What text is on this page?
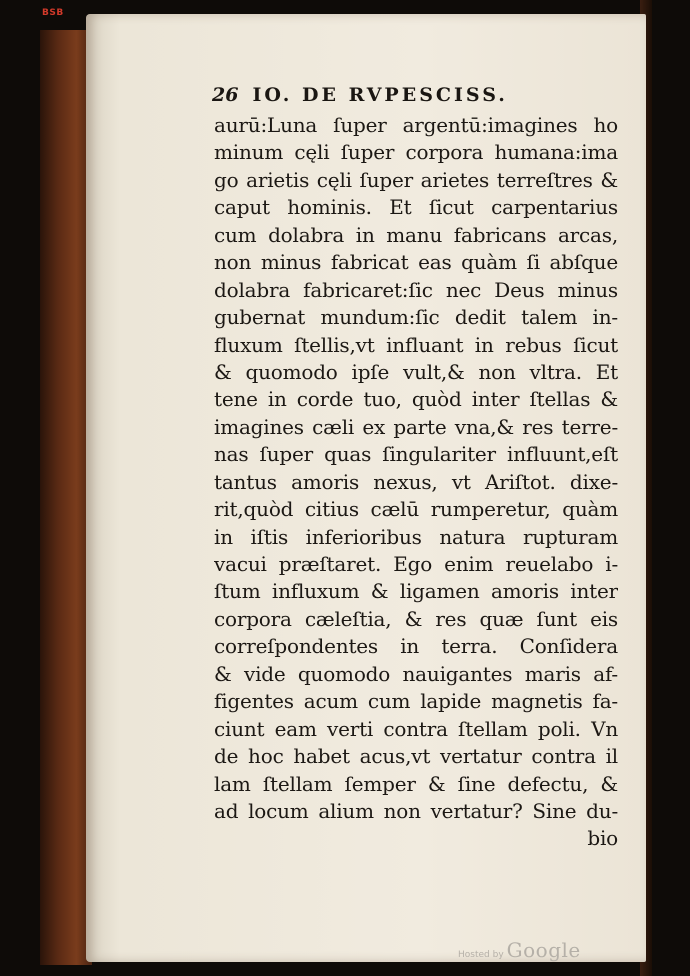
BSB
26 IO. DE RVPESCISS.
aurū:Luna ſuper argentū:imagines ho
minum cęli ſuper corpora humana:ima
go arietis cęli ſuper arietes terreſtres &
caput hominis. Et ſicut carpentarius
cum dolabra in manu fabricans arcas,
non minus fabricat eas quàm ſi abſque
dolabra fabricaret:ſic nec Deus minus
gubernat mundum:ſic dedit talem in-
fluxum ſtellis,vt influant in rebus ſicut
& quomodo ipſe vult,& non vltra. Et
tene in corde tuo, quòd inter ſtellas &
imagines cæli ex parte vna,& res terre-
nas ſuper quas ſingulariter influunt,eſt
tantus amoris nexus, vt Ariſtot. dixe-
rit,quòd citius cælū rumperetur, quàm
in iſtis inferioribus natura rupturam
vacui præſtaret. Ego enim reuelabo i-
ſtum influxum & ligamen amoris inter
corpora cæleſtia, & res quæ ſunt eis
correſpondentes in terra. Conſidera
& vide quomodo nauigantes maris af-
figentes acum cum lapide magnetis fa-
ciunt eam verti contra ſtellam poli. Vn
de hoc habet acus,vt vertatur contra il
lam ſtellam ſemper & ſine defectu, &
ad locum alium non vertatur? Sine du-
bio
Hosted by Google
